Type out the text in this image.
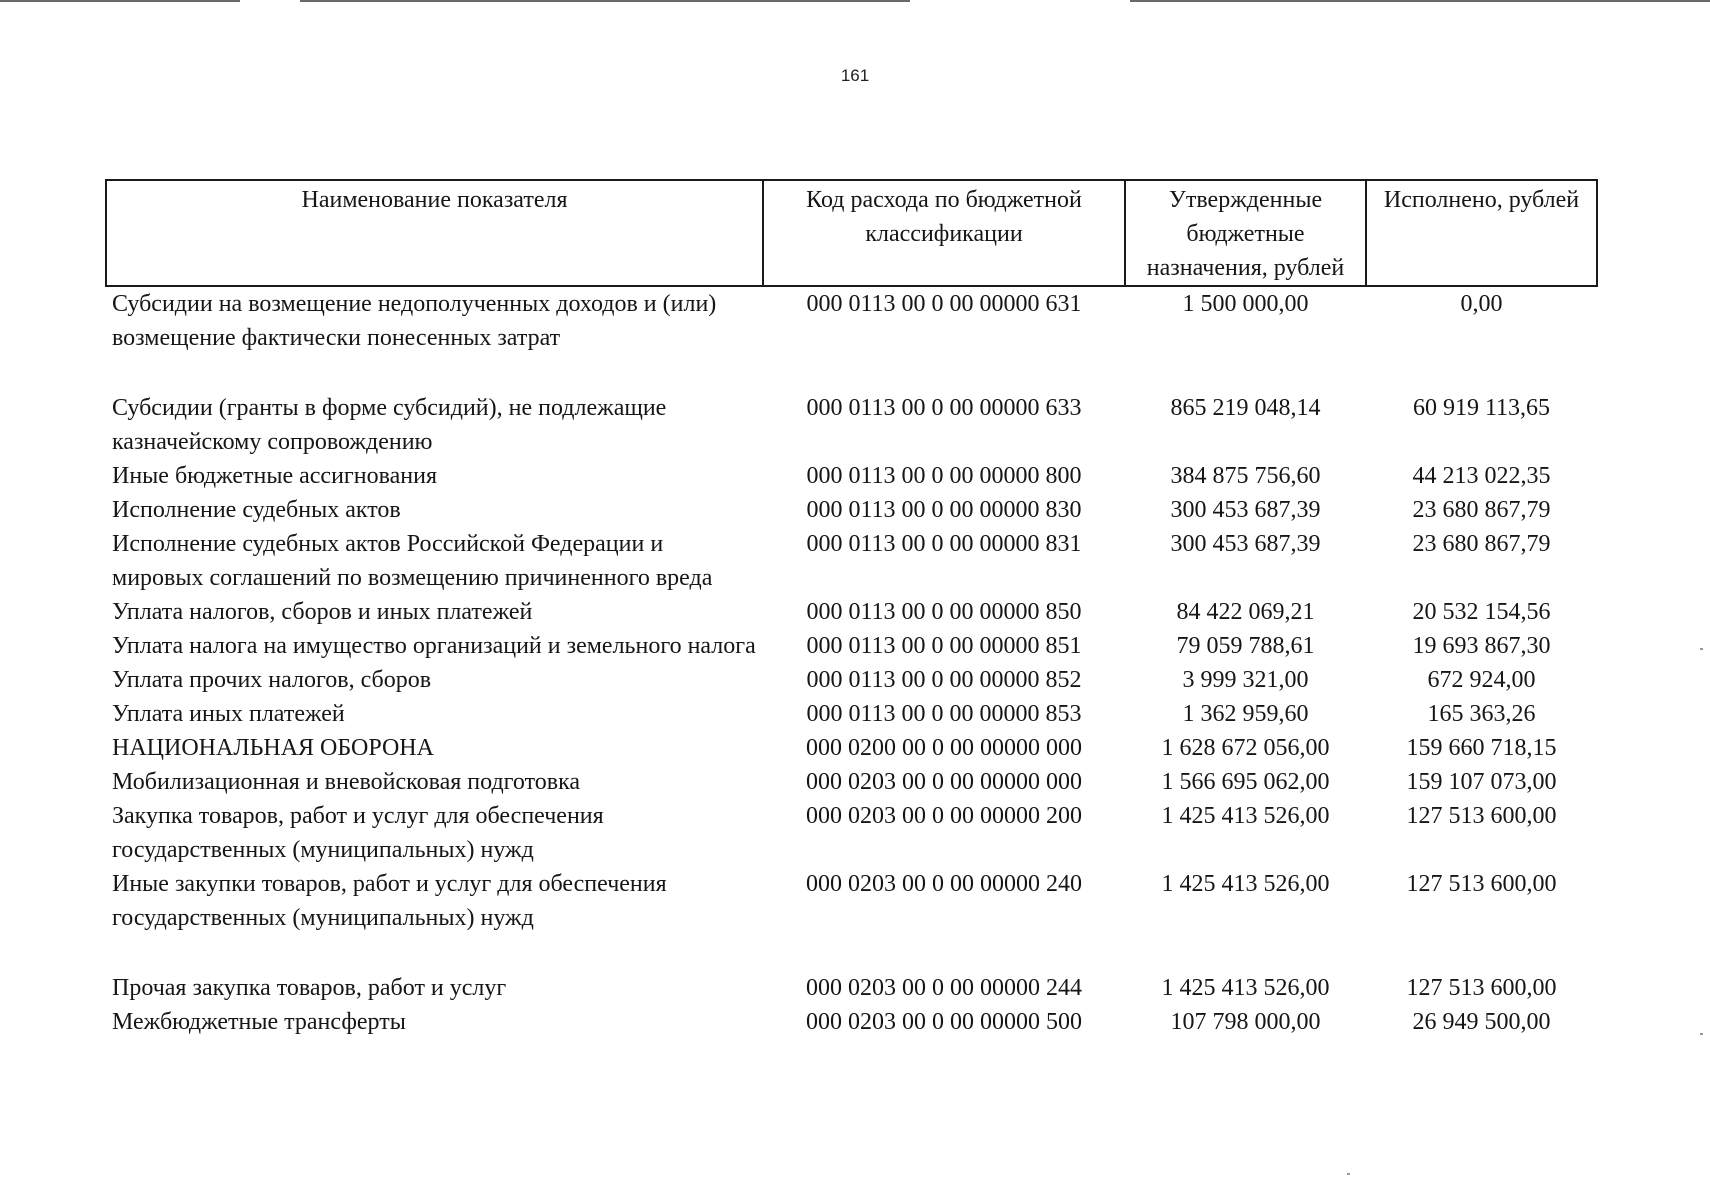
161
Наименование показателя	Код расхода по бюджетной классификации	Утвержденные бюджетные назначения, рублей	Исполнено, рублей
Субсидии на возмещение недополученных доходов и (или) возмещение фактически понесенных затрат	000 0113 00 0 00 00000 631	1 500 000,00	0,00
Субсидии (гранты в форме субсидий), не подлежащие казначейскому сопровождению	000 0113 00 0 00 00000 633	865 219 048,14	60 919 113,65
Иные бюджетные ассигнования	000 0113 00 0 00 00000 800	384 875 756,60	44 213 022,35
Исполнение судебных актов	000 0113 00 0 00 00000 830	300 453 687,39	23 680 867,79
Исполнение судебных актов Российской Федерации и мировых соглашений по возмещению причиненного вреда	000 0113 00 0 00 00000 831	300 453 687,39	23 680 867,79
Уплата налогов, сборов и иных платежей	000 0113 00 0 00 00000 850	84 422 069,21	20 532 154,56
Уплата налога на имущество организаций и земельного налога	000 0113 00 0 00 00000 851	79 059 788,61	19 693 867,30
Уплата прочих налогов, сборов	000 0113 00 0 00 00000 852	3 999 321,00	672 924,00
Уплата иных платежей	000 0113 00 0 00 00000 853	1 362 959,60	165 363,26
НАЦИОНАЛЬНАЯ ОБОРОНА	000 0200 00 0 00 00000 000	1 628 672 056,00	159 660 718,15
Мобилизационная и вневойсковая подготовка	000 0203 00 0 00 00000 000	1 566 695 062,00	159 107 073,00
Закупка товаров, работ и услуг для обеспечения государственных (муниципальных) нужд	000 0203 00 0 00 00000 200	1 425 413 526,00	127 513 600,00
Иные закупки товаров, работ и услуг для обеспечения государственных (муниципальных) нужд	000 0203 00 0 00 00000 240	1 425 413 526,00	127 513 600,00
Прочая закупка товаров, работ и услуг	000 0203 00 0 00 00000 244	1 425 413 526,00	127 513 600,00
Межбюджетные трансферты	000 0203 00 0 00 00000 500	107 798 000,00	26 949 500,00
